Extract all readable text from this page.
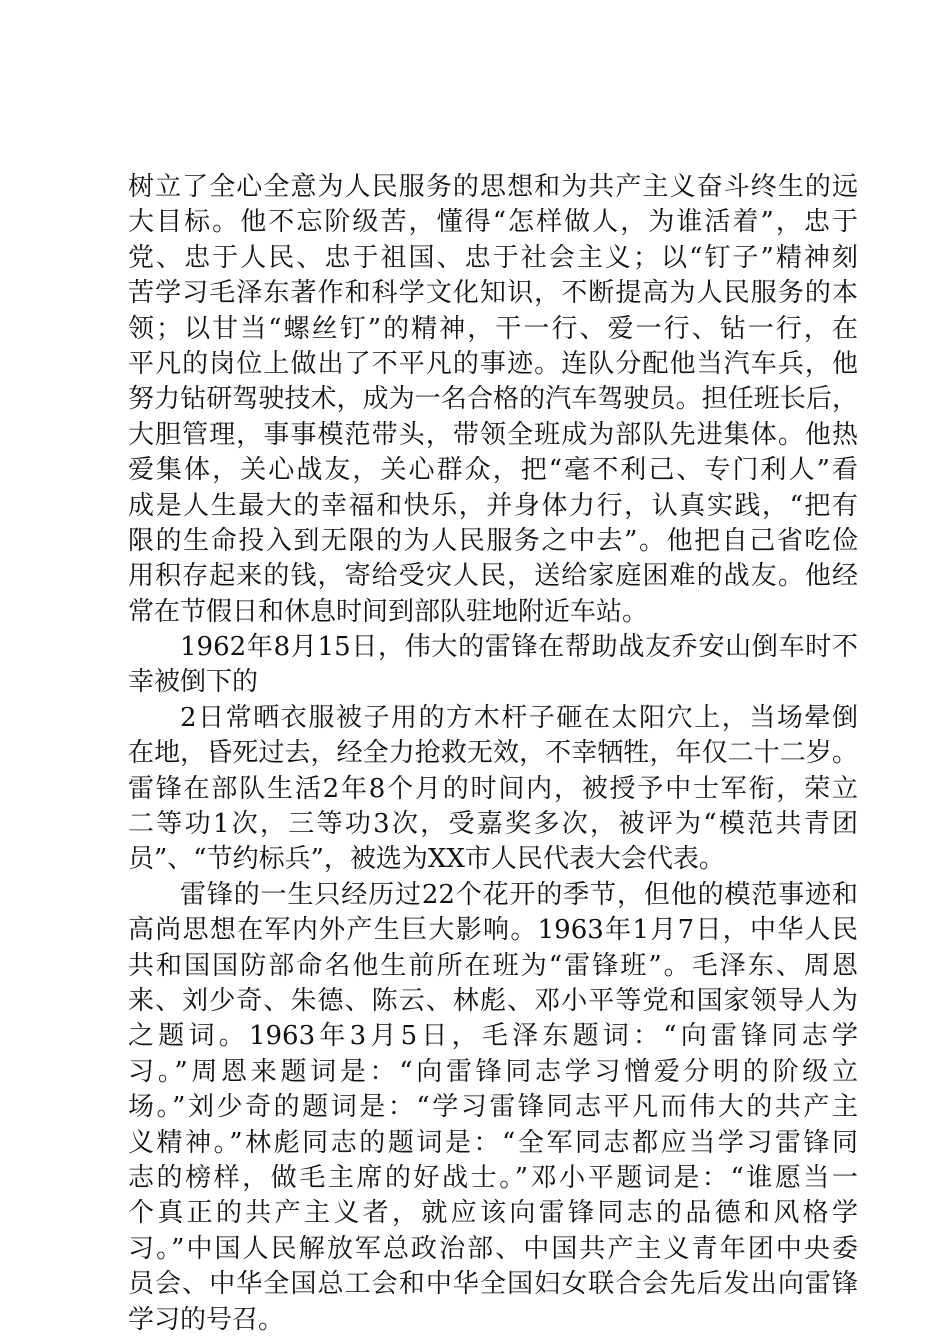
树立了全心全意为人民服务的思想和为共产主义奋斗终生的远
大目标。他不忘阶级苦，懂得“怎样做人，为谁活着”，忠于
党、忠于人民、忠于祖国、忠于社会主义；以“钉子”精神刻
苦学习毛泽东著作和科学文化知识，不断提高为人民服务的本
领；以甘当“螺丝钉”的精神，干一行、爱一行、钻一行，在
平凡的岗位上做出了不平凡的事迹。连队分配他当汽车兵，他
努力钻研驾驶技术，成为一名合格的汽车驾驶员。担任班长后，
大胆管理，事事模范带头，带领全班成为部队先进集体。他热
爱集体，关心战友，关心群众，把“毫不利己、专门利人”看
成是人生最大的幸福和快乐，并身体力行，认真实践，“把有
限的生命投入到无限的为人民服务之中去”。他把自己省吃俭
用积存起来的钱，寄给受灾人民，送给家庭困难的战友。他经
常在节假日和休息时间到部队驻地附近车站。
1962年8月15日，伟大的雷锋在帮助战友乔安山倒车时不
幸被倒下的
2日常晒衣服被子用的方木杆子砸在太阳穴上，当场晕倒
在地，昏死过去，经全力抢救无效，不幸牺牲，年仅二十二岁。
雷锋在部队生活2年8个月的时间内，被授予中士军衔，荣立
二等功1次，三等功3次，受嘉奖多次，被评为“模范共青团
员”、“节约标兵”，被选为XX市人民代表大会代表。
雷锋的一生只经历过22个花开的季节，但他的模范事迹和
高尚思想在军内外产生巨大影响。1963年1月7日，中华人民
共和国国防部命名他生前所在班为“雷锋班”。毛泽东、周恩
来、刘少奇、朱德、陈云、林彪、邓小平等党和国家领导人为
之题词。1963年3月5日，毛泽东题词：“向雷锋同志学
习。”周恩来题词是：“向雷锋同志学习憎爱分明的阶级立
场。”刘少奇的题词是：“学习雷锋同志平凡而伟大的共产主
义精神。”林彪同志的题词是：“全军同志都应当学习雷锋同
志的榜样，做毛主席的好战士。”邓小平题词是：“谁愿当一
个真正的共产主义者，就应该向雷锋同志的品德和风格学
习。”中国人民解放军总政治部、中国共产主义青年团中央委
员会、中华全国总工会和中华全国妇女联合会先后发出向雷锋
学习的号召。
